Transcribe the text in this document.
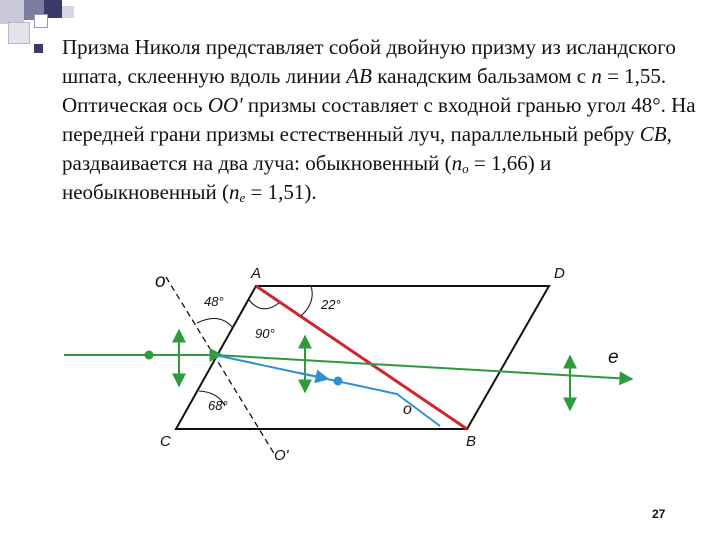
Призма Николя представляет собой двойную призму из исландского шпата, склеенную вдоль линии АВ канадским бальзамом с n = 1,55. Оптическая ось ОО' призмы составляет с входной гранью угол 48°. На передней грани призмы естественный луч, параллельный ребру СВ, раздваивается на два луча: обыкновенный $(n_o = 1,66)$ и необыкновенный $(n_e = 1,51)$.

A	D
C	B
o
O'
o
e
48°	22°
90°
68°
27
